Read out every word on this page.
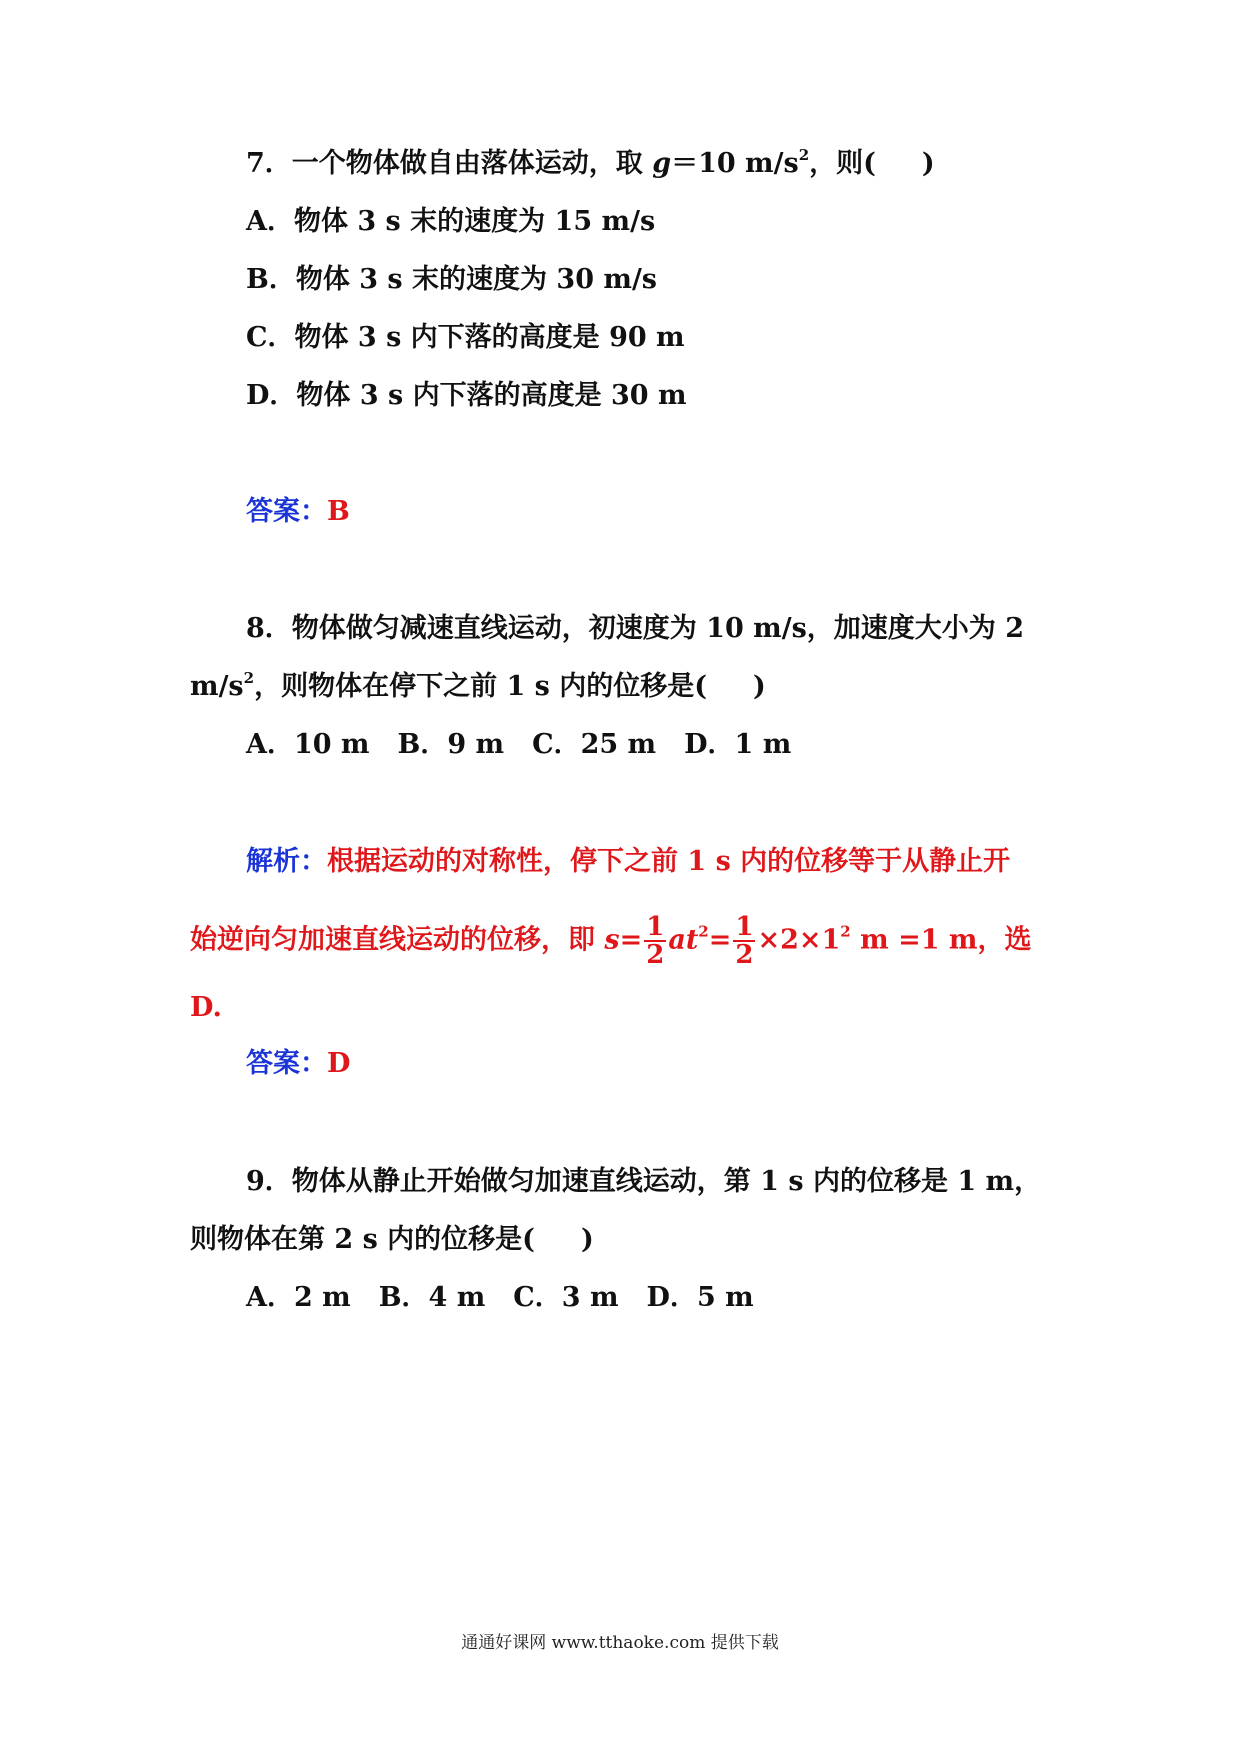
7．一个物体做自由落体运动，取 g＝10 $m/s^2$，则( )
A．物体 3 s 末的速度为 15 m/s
B．物体 3 s 末的速度为 30 m/s
C．物体 3 s 内下落的高度是 90 m
D．物体 3 s 内下落的高度是 30 m
答案：B
8．物体做匀减速直线运动，初速度为 10 m/s，加速度大小为 2
$m/s^2$，则物体在停下之前 1 s 内的位移是( )
A．10 m B．9 m C．25 m D．1 m
解析：根据运动的对称性，停下之前 1 s 内的位移等于从静止开
始逆向匀加速直线运动的位移，即 $s= \frac{1}{2} at^2= \frac{1}{2} \times 2\times 1^2$ m =1 m，选
D.
答案：D
9．物体从静止开始做匀加速直线运动，第 1 s 内的位移是 1 m，
则物体在第 2 s 内的位移是( )
A．2 m B．4 m C．3 m D．5 m
通通好课网 www.tthaoke.com 提供下载
